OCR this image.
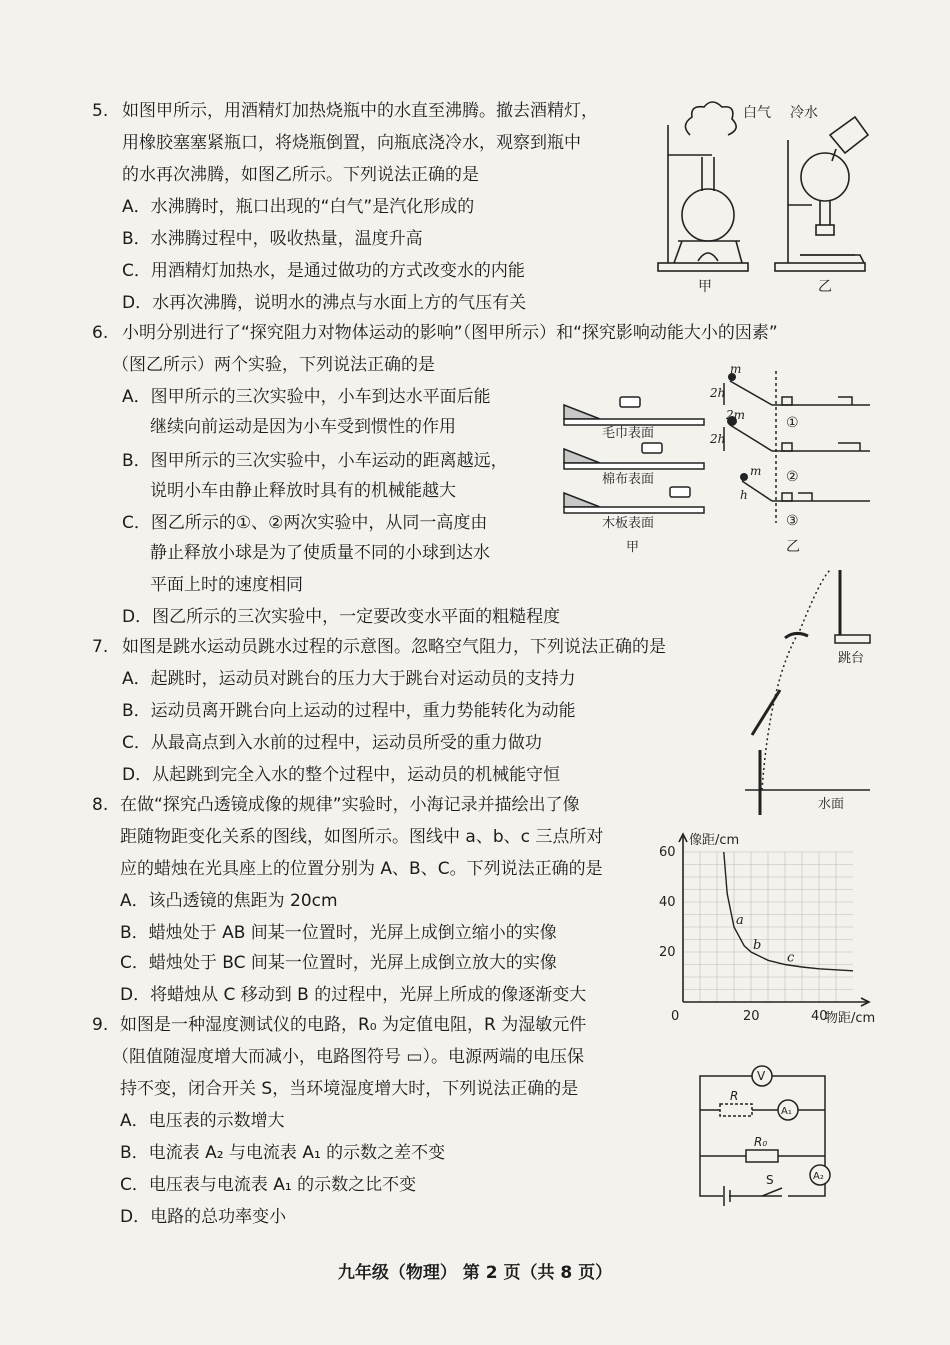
5. 如图甲所示，用酒精灯加热烧瓶中的水直至沸腾。撤去酒精灯，
用橡胶塞塞紧瓶口，将烧瓶倒置，向瓶底浇冷水，观察到瓶中
的水再次沸腾，如图乙所示。下列说法正确的是
A．水沸腾时，瓶口出现的“白气”是汽化形成的
B．水沸腾过程中，吸收热量，温度升高
C．用酒精灯加热水，是通过做功的方式改变水的内能
D．水再次沸腾，说明水的沸点与水面上方的气压有关
白气 冷水
甲	乙
6. 小明分别进行了“探究阻力对物体运动的影响”（图甲所示）和“探究影响动能大小的因素”
（图乙所示）两个实验，下列说法正确的是
A．图甲所示的三次实验中，小车到达水平面后能
继续向前运动是因为小车受到惯性的作用
B．图甲所示的三次实验中，小车运动的距离越远，
说明小车由静止释放时具有的机械能越大
C．图乙所示的①、②两次实验中，从同一高度由
静止释放小球是为了使质量不同的小球到达水
平面上时的速度相同
D．图乙所示的三次实验中，一定要改变水平面的粗糙程度
毛巾表面
棉布表面
木板表面
甲
m
2h
2m
2h
m
h
①
②
③
乙
7. 如图是跳水运动员跳水过程的示意图。忽略空气阻力，下列说法正确的是
A．起跳时，运动员对跳台的压力大于跳台对运动员的支持力
B．运动员离开跳台向上运动的过程中，重力势能转化为动能
C．从最高点到入水前的过程中，运动员所受的重力做功
D．从起跳到完全入水的整个过程中，运动员的机械能守恒
跳台
水面
8. 在做“探究凸透镜成像的规律”实验时，小海记录并描绘出了像
距随物距变化关系的图线，如图所示。图线中 a、b、c 三点所对
应的蜡烛在光具座上的位置分别为 A、B、C。下列说法正确的是
A．该凸透镜的焦距为 20cm
B．蜡烛处于 AB 间某一位置时，光屏上成倒立缩小的实像
C．蜡烛处于 BC 间某一位置时，光屏上成倒立放大的实像
D．将蜡烛从 C 移动到 B 的过程中，光屏上所成的像逐渐变大
0	20	40
20
40
60
a
b
c
像距/cm
物距/cm
9. 如图是一种湿度测试仪的电路，R₀ 为定值电阻，R 为湿敏元件
（阻值随湿度增大而减小，电路图符号 ▭）。电源两端的电压保
持不变，闭合开关 S，当环境湿度增大时，下列说法正确的是
A．电压表的示数增大
B．电流表 A₂ 与电流表 A₁ 的示数之差不变
C．电压表与电流表 A₁ 的示数之比不变
D．电路的总功率变小
V
R
A₁
R₀
A₂
S
九年级（物理） 第 2 页（共 8 页）
